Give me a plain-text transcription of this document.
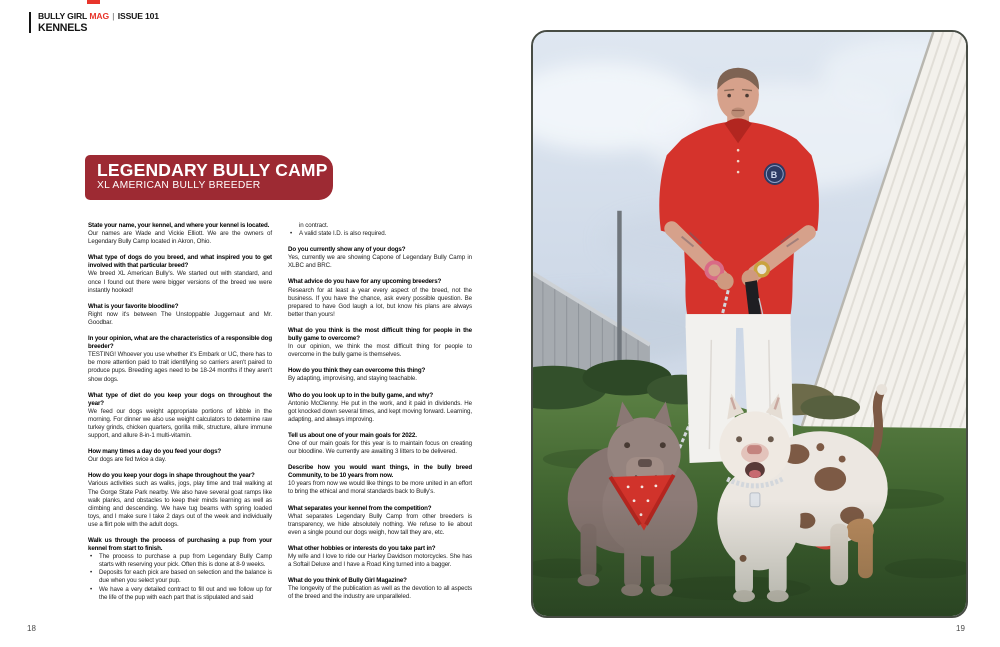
BULLY GIRL MAG | ISSUE 101
KENNELS
LEGENDARY BULLY CAMP
XL AMERICAN BULLY BREEDER
State your name, your kennel, and where your kennel is located.
Our names are Wade and Vickie Elliott. We are the owners of Legendary Bully Camp located in Akron, Ohio.
What type of dogs do you breed, and what inspired you to get involved with that particular breed?
We breed XL American Bully's. We started out with standard, and once I found out there were bigger versions of the breed we were instantly hooked!
What is your favorite bloodline?
Right now it's between The Unstoppable Juggernaut and Mr. Goodbar.
In your opinion, what are the characteristics of a responsible dog breeder?
TESTING! Whoever you use whether it's Embark or UC, there has to be more attention paid to trait identifying so carriers aren't paired to produce pups. Breeding ages need to be 18-24 months if they aren't show dogs.
What type of diet do you keep your dogs on throughout the year?
We feed our dogs weight appropriate portions of kibble in the morning. For dinner we also use weight calculators to determine raw turkey grinds, chicken quarters, gorilla milk, structure, allure immune support, and allure 8-in-1 multi-vitamin.
How many times a day do you feed your dogs?
Our dogs are fed twice a day.
How do you keep your dogs in shape throughout the year?
Various activities such as walks, jogs, play time and trail walking at The Gorge State Park nearby. We also have several goat ramps like walk planks, and obstacles to keep their minds learning as well as climbing and descending. We have tug beams with spring loaded toys, and I make sure I take 2 days out of the week and individually use a flirt pole with the adult dogs.
Walk us through the process of purchasing a pup from your kennel from start to finish.
•	The process to purchase a pup from Legendary Bully Camp starts with reserving your pick. Often this is done at 8-9 weeks.
•	Deposits for each pick are based on selection and the balance is due when you select your pup.
•	We have a very detailed contract to fill out and we follow up for the life of the pup with each part that is stipulated and said
in contract.
•	A valid state I.D. is also required.
Do you currently show any of your dogs?
Yes, currently we are showing Capone of Legendary Bully Camp in XLBC and BRC.
What advice do you have for any upcoming breeders?
Research for at least a year every aspect of the breed, not the business. If you have the chance, ask every possible question. Be prepared to have God laugh a lot, but know his plans are always better than yours!
What do you think is the most difficult thing for people in the bully game to overcome?
In our opinion, we think the most difficult thing for people to overcome in the bully game is themselves.
How do you think they can overcome this thing?
By adapting, improvising, and staying teachable.
Who do you look up to in the bully game, and why?
Antonio McClenny. He put in the work, and it paid in dividends. He got knocked down several times, and kept moving forward. Learning, adapting, and always improving.
Tell us about one of your main goals for 2022.
One of our main goals for this year is to maintain focus on creating our bloodline. We currently are awaiting 3 litters to be delivered.
Describe how you would want things, in the bully breed Community, to be 10 years from now.
10 years from now we would like things to be more united in an effort to bring the ethical and moral standards back to Bully's.
What separates your kennel from the competition?
What separates Legendary Bully Camp from other breeders is transparency, we hide absolutely nothing. We refuse to lie about even a single pound our dogs weigh, how tall they are, etc.
What other hobbies or interests do you take part in?
My wife and I love to ride our Harley Davidson motorcycles. She has a Softail Deluxe and I have a Road King turned into a bagger.
What do you think of Bully Girl Magazine?
The longevity of the publication as well as the devotion to all aspects of the breed and the industry are unparalleled.
18	19
B
